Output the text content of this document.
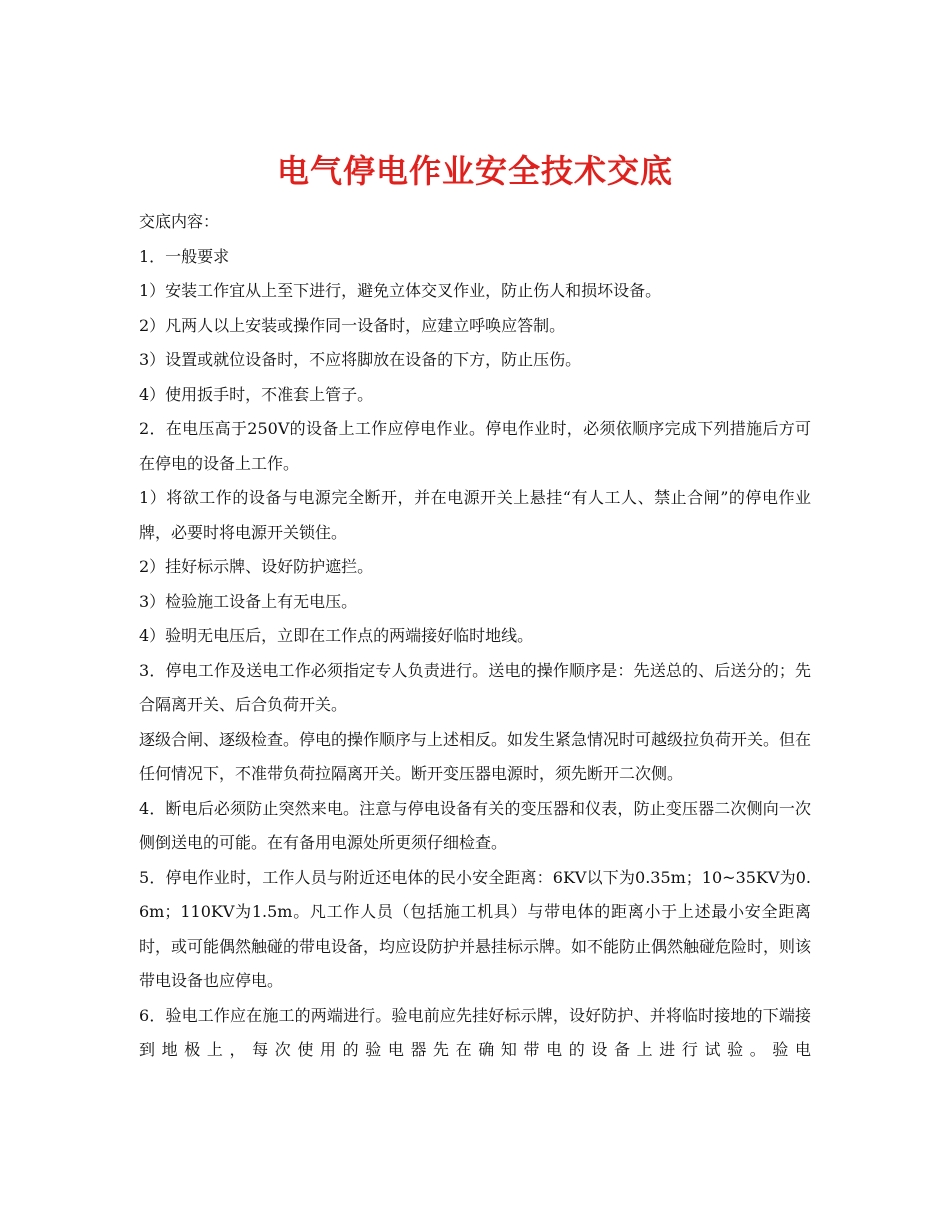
电气停电作业安全技术交底

交底内容：

1．一般要求

1）安装工作宜从上至下进行，避免立体交叉作业，防止伤人和损坏设备。

2）凡两人以上安装或操作同一设备时，应建立呼唤应答制。

3）设置或就位设备时，不应将脚放在设备的下方，防止压伤。

4）使用扳手时，不准套上管子。

2．在电压高于250V的设备上工作应停电作业。停电作业时，必须依顺序完成下列措施后方可在停电的设备上工作。

1）将欲工作的设备与电源完全断开，并在电源开关上悬挂“有人工人、禁止合闸”的停电作业牌，必要时将电源开关锁住。

2）挂好标示牌、设好防护遮拦。

3）检验施工设备上有无电压。

4）验明无电压后，立即在工作点的两端接好临时地线。

3．停电工作及送电工作必须指定专人负责进行。送电的操作顺序是：先送总的、后送分的；先合隔离开关、后合负荷开关。

逐级合闸、逐级检查。停电的操作顺序与上述相反。如发生紧急情况时可越级拉负荷开关。但在任何情况下，不准带负荷拉隔离开关。断开变压器电源时，须先断开二次侧。

4．断电后必须防止突然来电。注意与停电设备有关的变压器和仪表，防止变压器二次侧向一次侧倒送电的可能。在有备用电源处所更须仔细检查。

5．停电作业时，工作人员与附近还电体的民小安全距离：6KV以下为0.35m；10~35KV为0.6m；110KV为1.5m。凡工作人员（包括施工机具）与带电体的距离小于上述最小安全距离时，或可能偶然触碰的带电设备，均应设防护并悬挂标示牌。如不能防止偶然触碰危险时，则该带电设备也应停电。

6．验电工作应在施工的两端进行。验电前应先挂好标示牌，设好防护、并将临时接地的下端接到地极上，每次使用的验电器先在确知带电的设备上进行试验。验电
